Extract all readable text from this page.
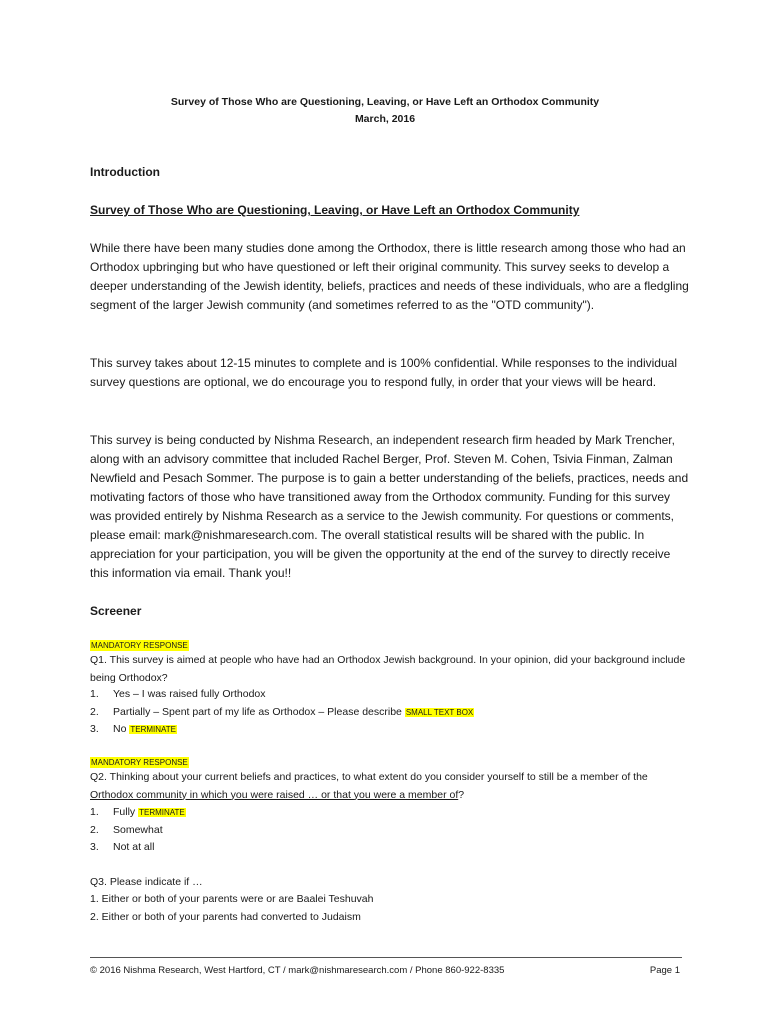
Survey of Those Who are Questioning, Leaving, or Have Left an Orthodox Community
March, 2016
Introduction
Survey of Those Who are Questioning, Leaving, or Have Left an Orthodox Community
While there have been many studies done among the Orthodox, there is little research among those who had an Orthodox upbringing but who have questioned or left their original community. This survey seeks to develop a deeper understanding of the Jewish identity, beliefs, practices and needs of these individuals, who are a fledgling segment of the larger Jewish community (and sometimes referred to as the "OTD community").
This survey takes about 12-15 minutes to complete and is 100% confidential. While responses to the individual survey questions are optional, we do encourage you to respond fully, in order that your views will be heard.
This survey is being conducted by Nishma Research, an independent research firm headed by Mark Trencher, along with an advisory committee that included Rachel Berger, Prof. Steven M. Cohen, Tsivia Finman, Zalman Newfield and Pesach Sommer. The purpose is to gain a better understanding of the beliefs, practices, needs and motivating factors of those who have transitioned away from the Orthodox community. Funding for this survey was provided entirely by Nishma Research as a service to the Jewish community. For questions or comments, please email: mark@nishmaresearch.com. The overall statistical results will be shared with the public. In appreciation for your participation, you will be given the opportunity at the end of the survey to directly receive this information via email. Thank you!!
Screener
MANDATORY RESPONSE
Q1. This survey is aimed at people who have had an Orthodox Jewish background. In your opinion, did your background include being Orthodox?
1. Yes – I was raised fully Orthodox
2. Partially – Spent part of my life as Orthodox – Please describe SMALL TEXT BOX
3. No TERMINATE
MANDATORY RESPONSE
Q2. Thinking about your current beliefs and practices, to what extent do you consider yourself to still be a member of the Orthodox community in which you were raised … or that you were a member of?
1. Fully TERMINATE
2. Somewhat
3. Not at all
Q3. Please indicate if …
1. Either or both of your parents were or are Baalei Teshuvah
2. Either or both of your parents had converted to Judaism
© 2016 Nishma Research, West Hartford, CT / mark@nishmaresearch.com / Phone 860-922-8335	Page 1
